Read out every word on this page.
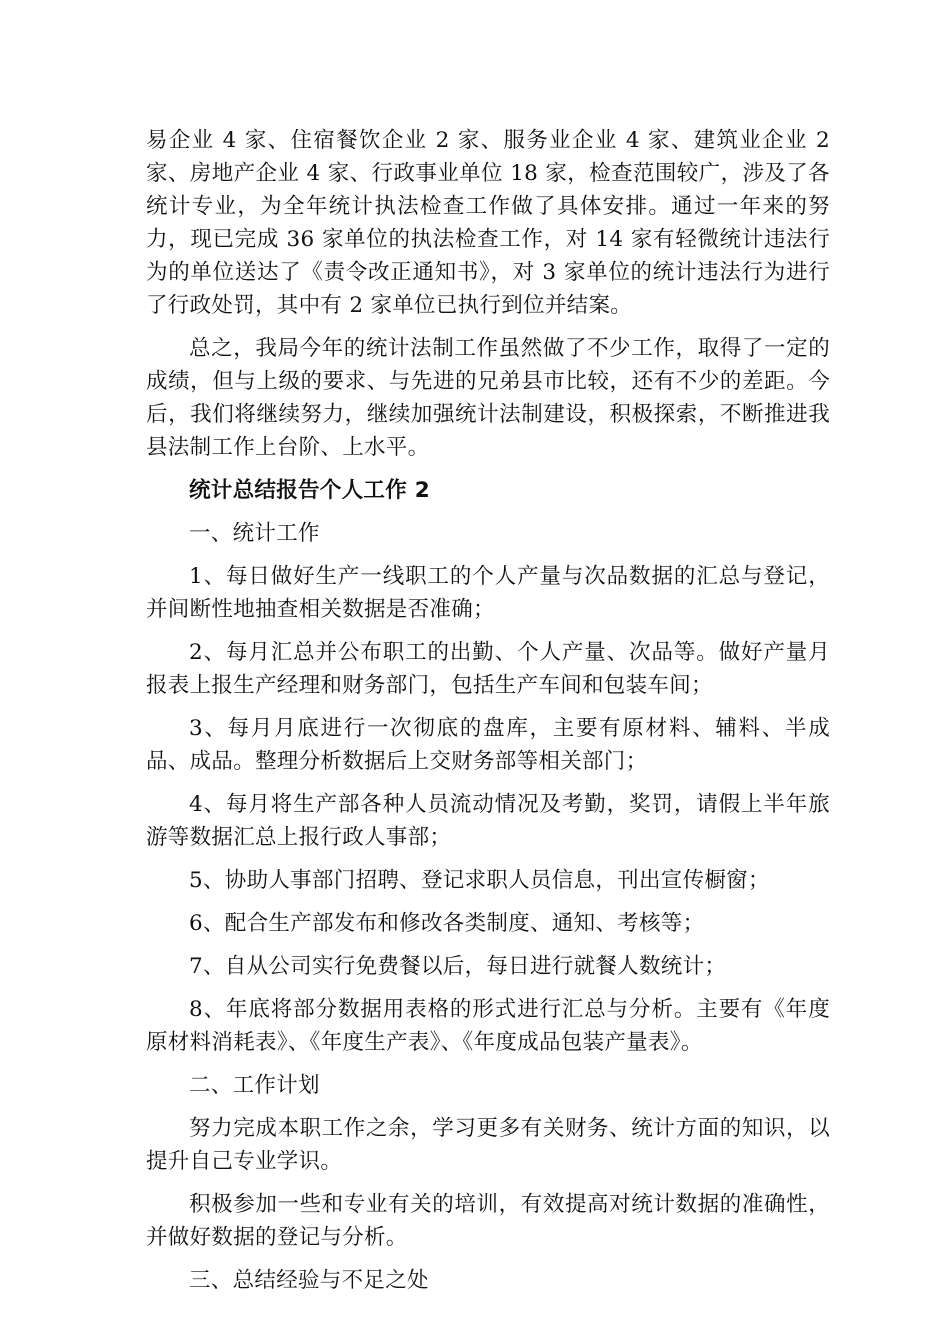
易企业 4 家、住宿餐饮企业 2 家、服务业企业 4 家、建筑业企业 2 家、房地产企业 4 家、行政事业单位 18 家，检查范围较广，涉及了各统计专业，为全年统计执法检查工作做了具体安排。通过一年来的努力，现已完成 36 家单位的执法检查工作，对 14 家有轻微统计违法行为的单位送达了《责令改正通知书》，对 3 家单位的统计违法行为进行了行政处罚，其中有 2 家单位已执行到位并结案。

总之，我局今年的统计法制工作虽然做了不少工作，取得了一定的成绩，但与上级的要求、与先进的兄弟县市比较，还有不少的差距。今后，我们将继续努力，继续加强统计法制建设，积极探索，不断推进我县法制工作上台阶、上水平。

统计总结报告个人工作 2

一、统计工作

1、每日做好生产一线职工的个人产量与次品数据的汇总与登记，并间断性地抽查相关数据是否准确；

2、每月汇总并公布职工的出勤、个人产量、次品等。做好产量月报表上报生产经理和财务部门，包括生产车间和包装车间；

3、每月月底进行一次彻底的盘库，主要有原材料、辅料、半成品、成品。整理分析数据后上交财务部等相关部门；

4、每月将生产部各种人员流动情况及考勤，奖罚，请假上半年旅游等数据汇总上报行政人事部；

5、协助人事部门招聘、登记求职人员信息，刊出宣传橱窗；

6、配合生产部发布和修改各类制度、通知、考核等；

7、自从公司实行免费餐以后，每日进行就餐人数统计；

8、年底将部分数据用表格的形式进行汇总与分析。主要有《年度原材料消耗表》、《年度生产表》、《年度成品包装产量表》。

二、工作计划

努力完成本职工作之余，学习更多有关财务、统计方面的知识，以提升自己专业学识。

积极参加一些和专业有关的培训，有效提高对统计数据的准确性，并做好数据的登记与分析。

三、总结经验与不足之处
